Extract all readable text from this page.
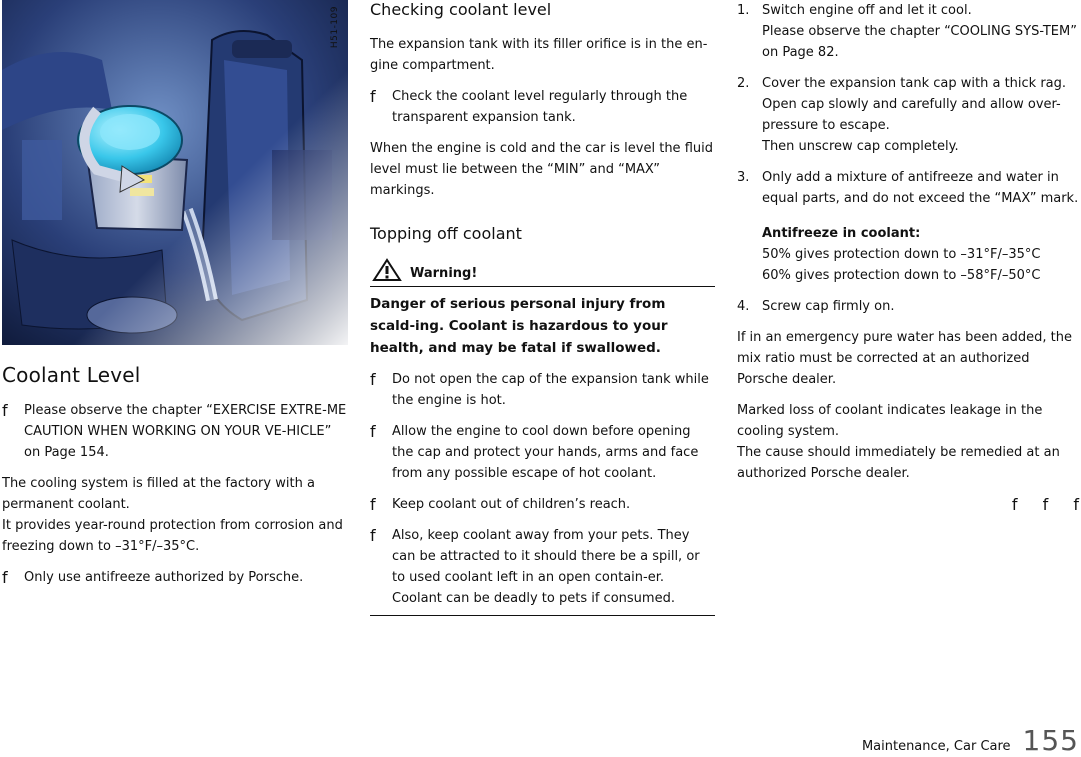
H51-109
Coolant Level
f	Please observe the chapter “EXERCISE EXTRE-ME CAUTION WHEN WORKING ON YOUR VE-HICLE” on Page 154.

The cooling system is filled at the factory with a permanent coolant.
It provides year-round protection from corrosion and freezing down to –31°F/–35°C.

f	Only use antifreeze authorized by Porsche.
Checking coolant level

The expansion tank with its filler orifice is in the en-gine compartment.

f	Check the coolant level regularly through the transparent expansion tank.

When the engine is cold and the car is level the fluid level must lie between the “MIN” and “MAX” markings.

Topping off coolant
Warning!
Danger of serious personal injury from scald-ing. Coolant is hazardous to your health, and may be fatal if swallowed.
f	Do not open the cap of the expansion tank while the engine is hot.
f	Allow the engine to cool down before opening the cap and protect your hands, arms and face from any possible escape of hot coolant.
f	Keep coolant out of children’s reach.
f	Also, keep coolant away from your pets. They can be attracted to it should there be a spill, or to used coolant left in an open contain-er. Coolant can be deadly to pets if consumed.
1. Switch engine off and let it cool.
Please observe the chapter “COOLING SYS-TEM” on Page 82.
2. Cover the expansion tank cap with a thick rag. Open cap slowly and carefully and allow over-pressure to escape.
Then unscrew cap completely.
3. Only add a mixture of antifreeze and water in equal parts, and do not exceed the “MAX” mark.
Antifreeze in coolant:
50% gives protection down to –31°F/–35°C
60% gives protection down to –58°F/–50°C
4. Screw cap firmly on.

If in an emergency pure water has been added, the mix ratio must be corrected at an authorized Porsche dealer.

Marked loss of coolant indicates leakage in the cooling system.
The cause should immediately be remedied at an authorized Porsche dealer.

f f f
Maintenance, Car Care 155
